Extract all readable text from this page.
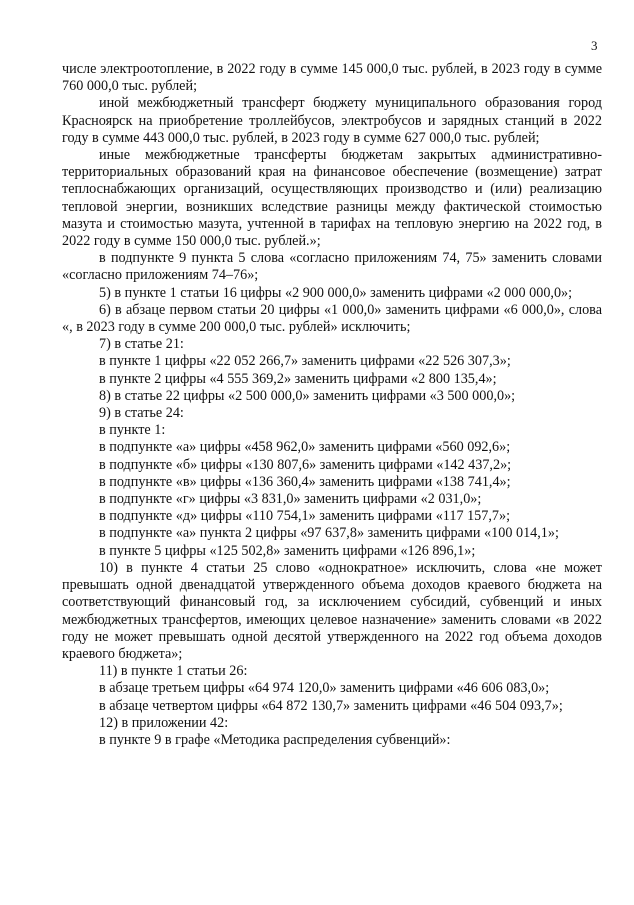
3

числе электроотопление, в 2022 году в сумме 145 000,0 тыс. рублей, в 2023 году в сумме 760 000,0 тыс. рублей;

иной межбюджетный трансферт бюджету муниципального образования город Красноярск на приобретение троллейбусов, электробусов и зарядных станций в 2022 году в сумме 443 000,0 тыс. рублей, в 2023 году в сумме 627 000,0 тыс. рублей;

иные межбюджетные трансферты бюджетам закрытых административно-территориальных образований края на финансовое обеспечение (возмещение) затрат теплоснабжающих организаций, осуществляющих производство и (или) реализацию тепловой энергии, возникших вследствие разницы между фактической стоимостью мазута и стоимостью мазута, учтенной в тарифах на тепловую энергию на 2022 год, в 2022 году в сумме 150 000,0 тыс. рублей.»;

в подпункте 9 пункта 5 слова «согласно приложениям 74, 75» заменить словами «согласно приложениям 74–76»;

5) в пункте 1 статьи 16 цифры «2 900 000,0» заменить цифрами «2 000 000,0»;

6) в абзаце первом статьи 20 цифры «1 000,0» заменить цифрами «6 000,0», слова «, в 2023 году в сумме 200 000,0 тыс. рублей» исключить;

7) в статье 21:

в пункте 1 цифры «22 052 266,7» заменить цифрами «22 526 307,3»;

в пункте 2 цифры «4 555 369,2» заменить цифрами «2 800 135,4»;

8) в статье 22 цифры «2 500 000,0» заменить цифрами «3 500 000,0»;

9) в статье 24:

в пункте 1:

в подпункте «а» цифры «458 962,0» заменить цифрами «560 092,6»;

в подпункте «б» цифры «130 807,6» заменить цифрами «142 437,2»;

в подпункте «в» цифры «136 360,4» заменить цифрами «138 741,4»;

в подпункте «г» цифры «3 831,0» заменить цифрами «2 031,0»;

в подпункте «д» цифры «110 754,1» заменить цифрами «117 157,7»;

в подпункте «а» пункта 2 цифры «97 637,8» заменить цифрами «100 014,1»;

в пункте 5 цифры «125 502,8» заменить цифрами «126 896,1»;

10) в пункте 4 статьи 25 слово «однократное» исключить, слова «не может превышать одной двенадцатой утвержденного объема доходов краевого бюджета на соответствующий финансовый год, за исключением субсидий, субвенций и иных межбюджетных трансфертов, имеющих целевое назначение» заменить словами «в 2022 году не может превышать одной десятой утвержденного на 2022 год объема доходов краевого бюджета»;

11) в пункте 1 статьи 26:

в абзаце третьем цифры «64 974 120,0» заменить цифрами «46 606 083,0»;

в абзаце четвертом цифры «64 872 130,7» заменить цифрами «46 504 093,7»;

12) в приложении 42:

в пункте 9 в графе «Методика распределения субвенций»:
